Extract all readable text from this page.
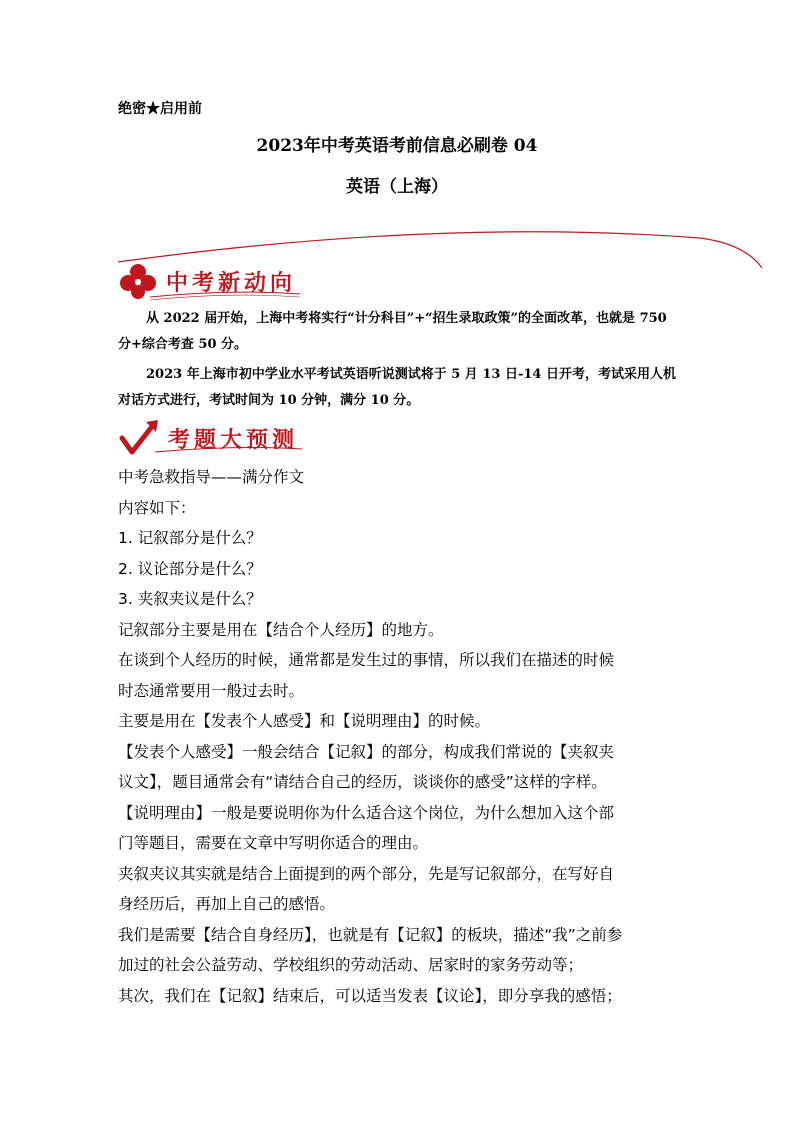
绝密★启用前
2023年中考英语考前信息必刷卷 04
英语（上海）
中考新动向
从 2022 届开始，上海中考将实行“计分科目”+“招生录取政策”的全面改革，也就是 750 分+综合考查 50 分。
2023 年上海市初中学业水平考试英语听说测试将于 5 月 13 日-14 日开考，考试采用人机对话方式进行，考试时间为 10 分钟，满分 10 分。
考题大预测
中考急救指导——满分作文
内容如下：
1. 记叙部分是什么？
2. 议论部分是什么？
3. 夹叙夹议是什么？
记叙部分主要是用在【结合个人经历】的地方。
在谈到个人经历的时候，通常都是发生过的事情，所以我们在描述的时候
时态通常要用一般过去时。
主要是用在【发表个人感受】和【说明理由】的时候。
【发表个人感受】一般会结合【记叙】的部分，构成我们常说的【夹叙夹
议文】，题目通常会有“请结合自己的经历，谈谈你的感受”这样的字样。
【说明理由】一般是要说明你为什么适合这个岗位，为什么想加入这个部
门等题目，需要在文章中写明你适合的理由。
夹叙夹议其实就是结合上面提到的两个部分，先是写记叙部分，在写好自
身经历后，再加上自己的感悟。
我们是需要【结合自身经历】，也就是有【记叙】的板块，描述“我”之前参
加过的社会公益劳动、学校组织的劳动活动、居家时的家务劳动等；
其次，我们在【记叙】结束后，可以适当发表【议论】，即分享我的感悟；
